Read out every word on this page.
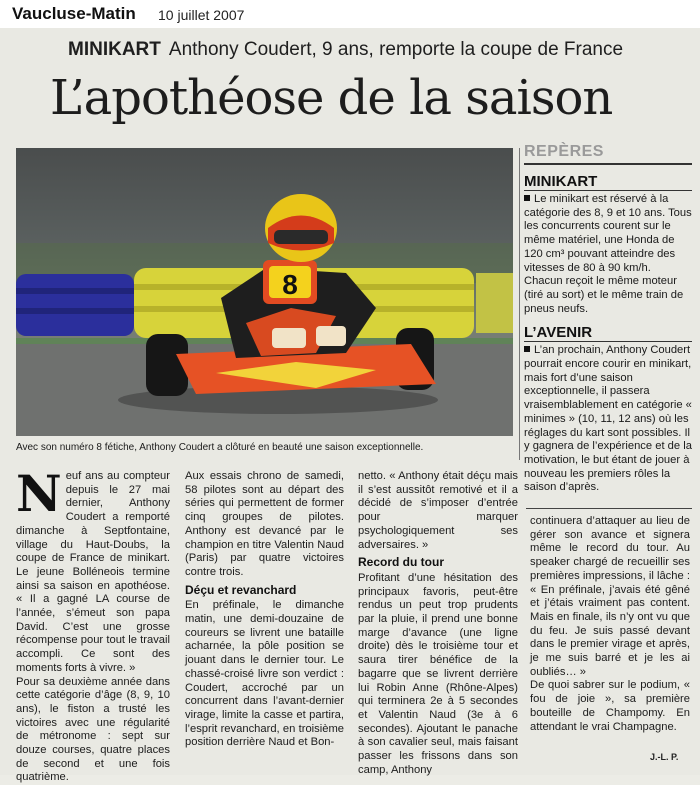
Vaucluse-Matin 10 juillet 2007
MINIKART Anthony Coudert, 9 ans, remporte la coupe de France
L’apothéose de la saison
8
Avec son numéro 8 fétiche, Anthony Coudert a clôturé en beauté une saison exceptionnelle.
REPÈRES
MINIKART

Le minikart est réservé à la catégorie des 8, 9 et 10 ans. Tous les concurrents courent sur le même matériel, une Honda de 120 cm³ pouvant atteindre des vitesses de 80 à 90 km/h. Chacun reçoit le même moteur (tiré au sort) et le même train de pneus neufs.

L’AVENIR

L’an prochain, Anthony Coudert pourrait encore courir en minikart, mais fort d’une saison exceptionnelle, il passera vraisemblablement en catégorie « minimes » (10, 11, 12 ans) où les réglages du kart sont possibles. Il y gagnera de l’expérience et de la motivation, le but étant de jouer à nouveau les premiers rôles la saison d’après.

N euf ans au compteur depuis le 27 mai dernier, Anthony Coudert a remporté dimanche à Septfontaine, village du Haut-Doubs, la coupe de France de minikart. Le jeune Bolléneois termine ainsi sa saison en apothéose. « Il a gagné LA course de l’année, s’émeut son papa David. C’est une grosse récompense pour tout le travail accompli. Ce sont des moments forts à vivre. »

Pour sa deuxième année dans cette catégorie d’âge (8, 9, 10 ans), le fiston a trusté les victoires avec une régularité de métronome : sept sur douze courses, quatre places de second et une fois quatrième.

Aux essais chrono de samedi, 58 pilotes sont au départ des séries qui permettent de former cinq groupes de pilotes. Anthony est devancé par le champion en titre Valentin Naud (Paris) par quatre victoires contre trois.

Déçu et revanchard

En préfinale, le dimanche matin, une demi-douzaine de coureurs se livrent une bataille acharnée, la pôle position se jouant dans le dernier tour. Le chassé-croisé livre son verdict : Coudert, accroché par un concurrent dans l’avant-dernier virage, limite la casse et partira, l’esprit revanchard, en troisième position derrière Naud et Bon-

netto. « Anthony était déçu mais il s’est aussitôt remotivé et il a décidé de s’imposer d’entrée pour marquer psychologiquement ses adversaires. »

Record du tour

Profitant d’une hésitation des principaux favoris, peut-être rendus un peut trop prudents par la pluie, il prend une bonne marge d’avance (une ligne droite) dès le troisième tour et saura tirer bénéfice de la bagarre que se livrent derrière lui Robin Anne (Rhône-Alpes) qui terminera 2e à 5 secondes et Valentin Naud (3e à 6 secondes). Ajoutant le panache à son cavalier seul, mais faisant passer les frissons dans son camp, Anthony

continuera d’attaquer au lieu de gérer son avance et signera même le record du tour. Au speaker chargé de recueillir ses premières impressions, il lâche : « En préfinale, j’avais été gêné et j’étais vraiment pas content. Mais en finale, ils n’y ont vu que du feu. Je suis passé devant dans le premier virage et après, je me suis barré et je les ai oubliés… »

De quoi sabrer sur le podium, « fou de joie », sa première bouteille de Champomy. En attendant le vrai Champagne.

J.-L. P.
